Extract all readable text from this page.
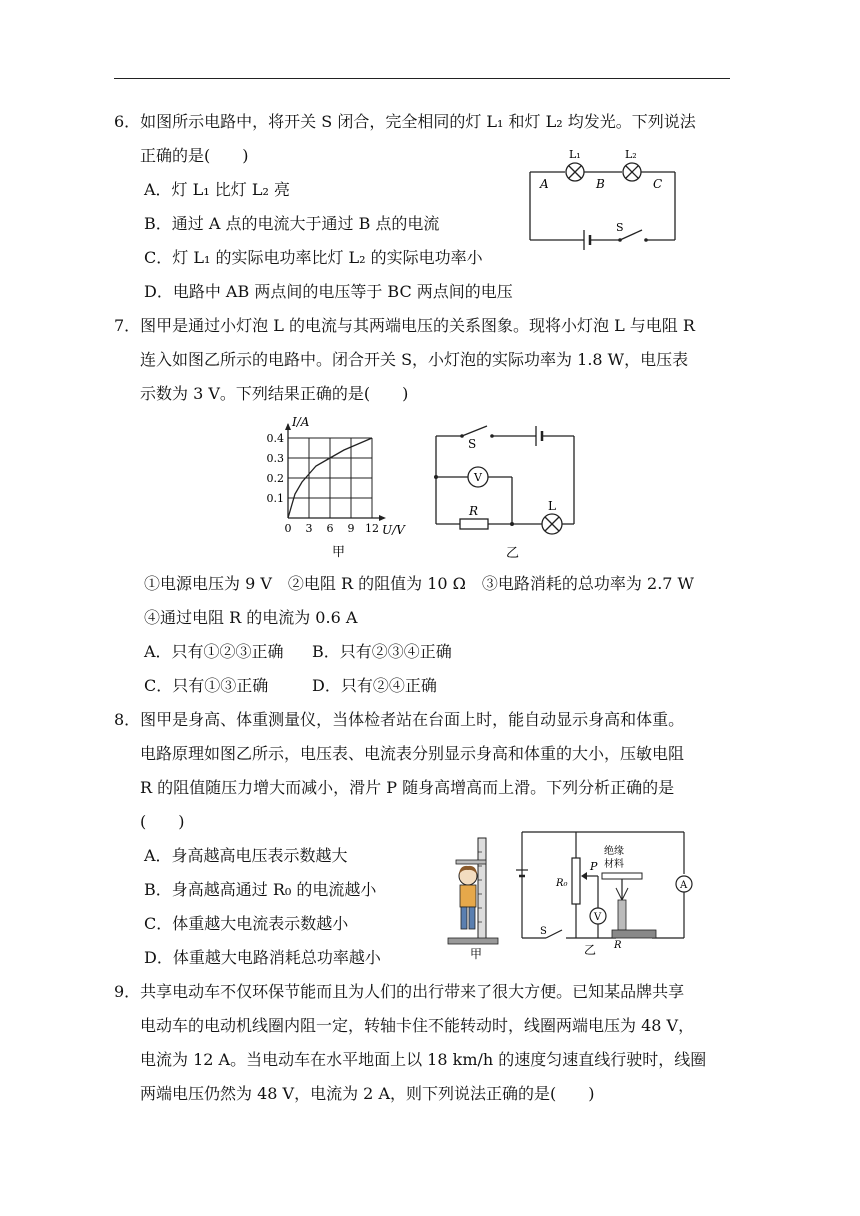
6．如图所示电路中，将开关 S 闭合，完全相同的灯 L₁ 和灯 L₂ 均发光。下列说法
正确的是(　　)
A．灯 L₁ 比灯 L₂ 亮
B．通过 A 点的电流大于通过 B 点的电流
C．灯 L₁ 的实际电功率比灯 L₂ 的实际电功率小
D．电路中 AB 两点间的电压等于 BC 两点间的电压
L₁	L₂
A	B	C
S
7．图甲是通过小灯泡 L 的电流与其两端电压的关系图象。现将小灯泡 L 与电阻 R
连入如图乙所示的电路中。闭合开关 S，小灯泡的实际功率为 1.8 W，电压表
示数为 3 V。下列结果正确的是(　　)
0 3 6 9 12
0.1
0.2
0.3
0.4
I/A
U/V
甲
S
V
R	L
乙
①电源电压为 9 V　②电阻 R 的阻值为 10 Ω　③电路消耗的总功率为 2.7 W
④通过电阻 R 的电流为 0.6 A
A．只有①②③正确 B．只有②③④正确
C．只有①③正确	D．只有②④正确
8．图甲是身高、体重测量仪，当体检者站在台面上时，能自动显示身高和体重。
电路原理如图乙所示，电压表、电流表分别显示身高和体重的大小，压敏电阻
R 的阻值随压力增大而减小，滑片 P 随身高增高而上滑。下列分析正确的是
(　　)
A．身高越高电压表示数越大
B．身高越高通过 R₀ 的电流越小
C．体重越大电流表示数越小
D．体重越大电路消耗总功率越小	甲
R₀
P
绝缘
材料
A
V
S
R
乙
9．共享电动车不仅环保节能而且为人们的出行带来了很大方便。已知某品牌共享
电动车的电动机线圈内阻一定，转轴卡住不能转动时，线圈两端电压为 48 V，
电流为 12 A。当电动车在水平地面上以 18 km/h 的速度匀速直线行驶时，线圈
两端电压仍然为 48 V，电流为 2 A，则下列说法正确的是(　　)
